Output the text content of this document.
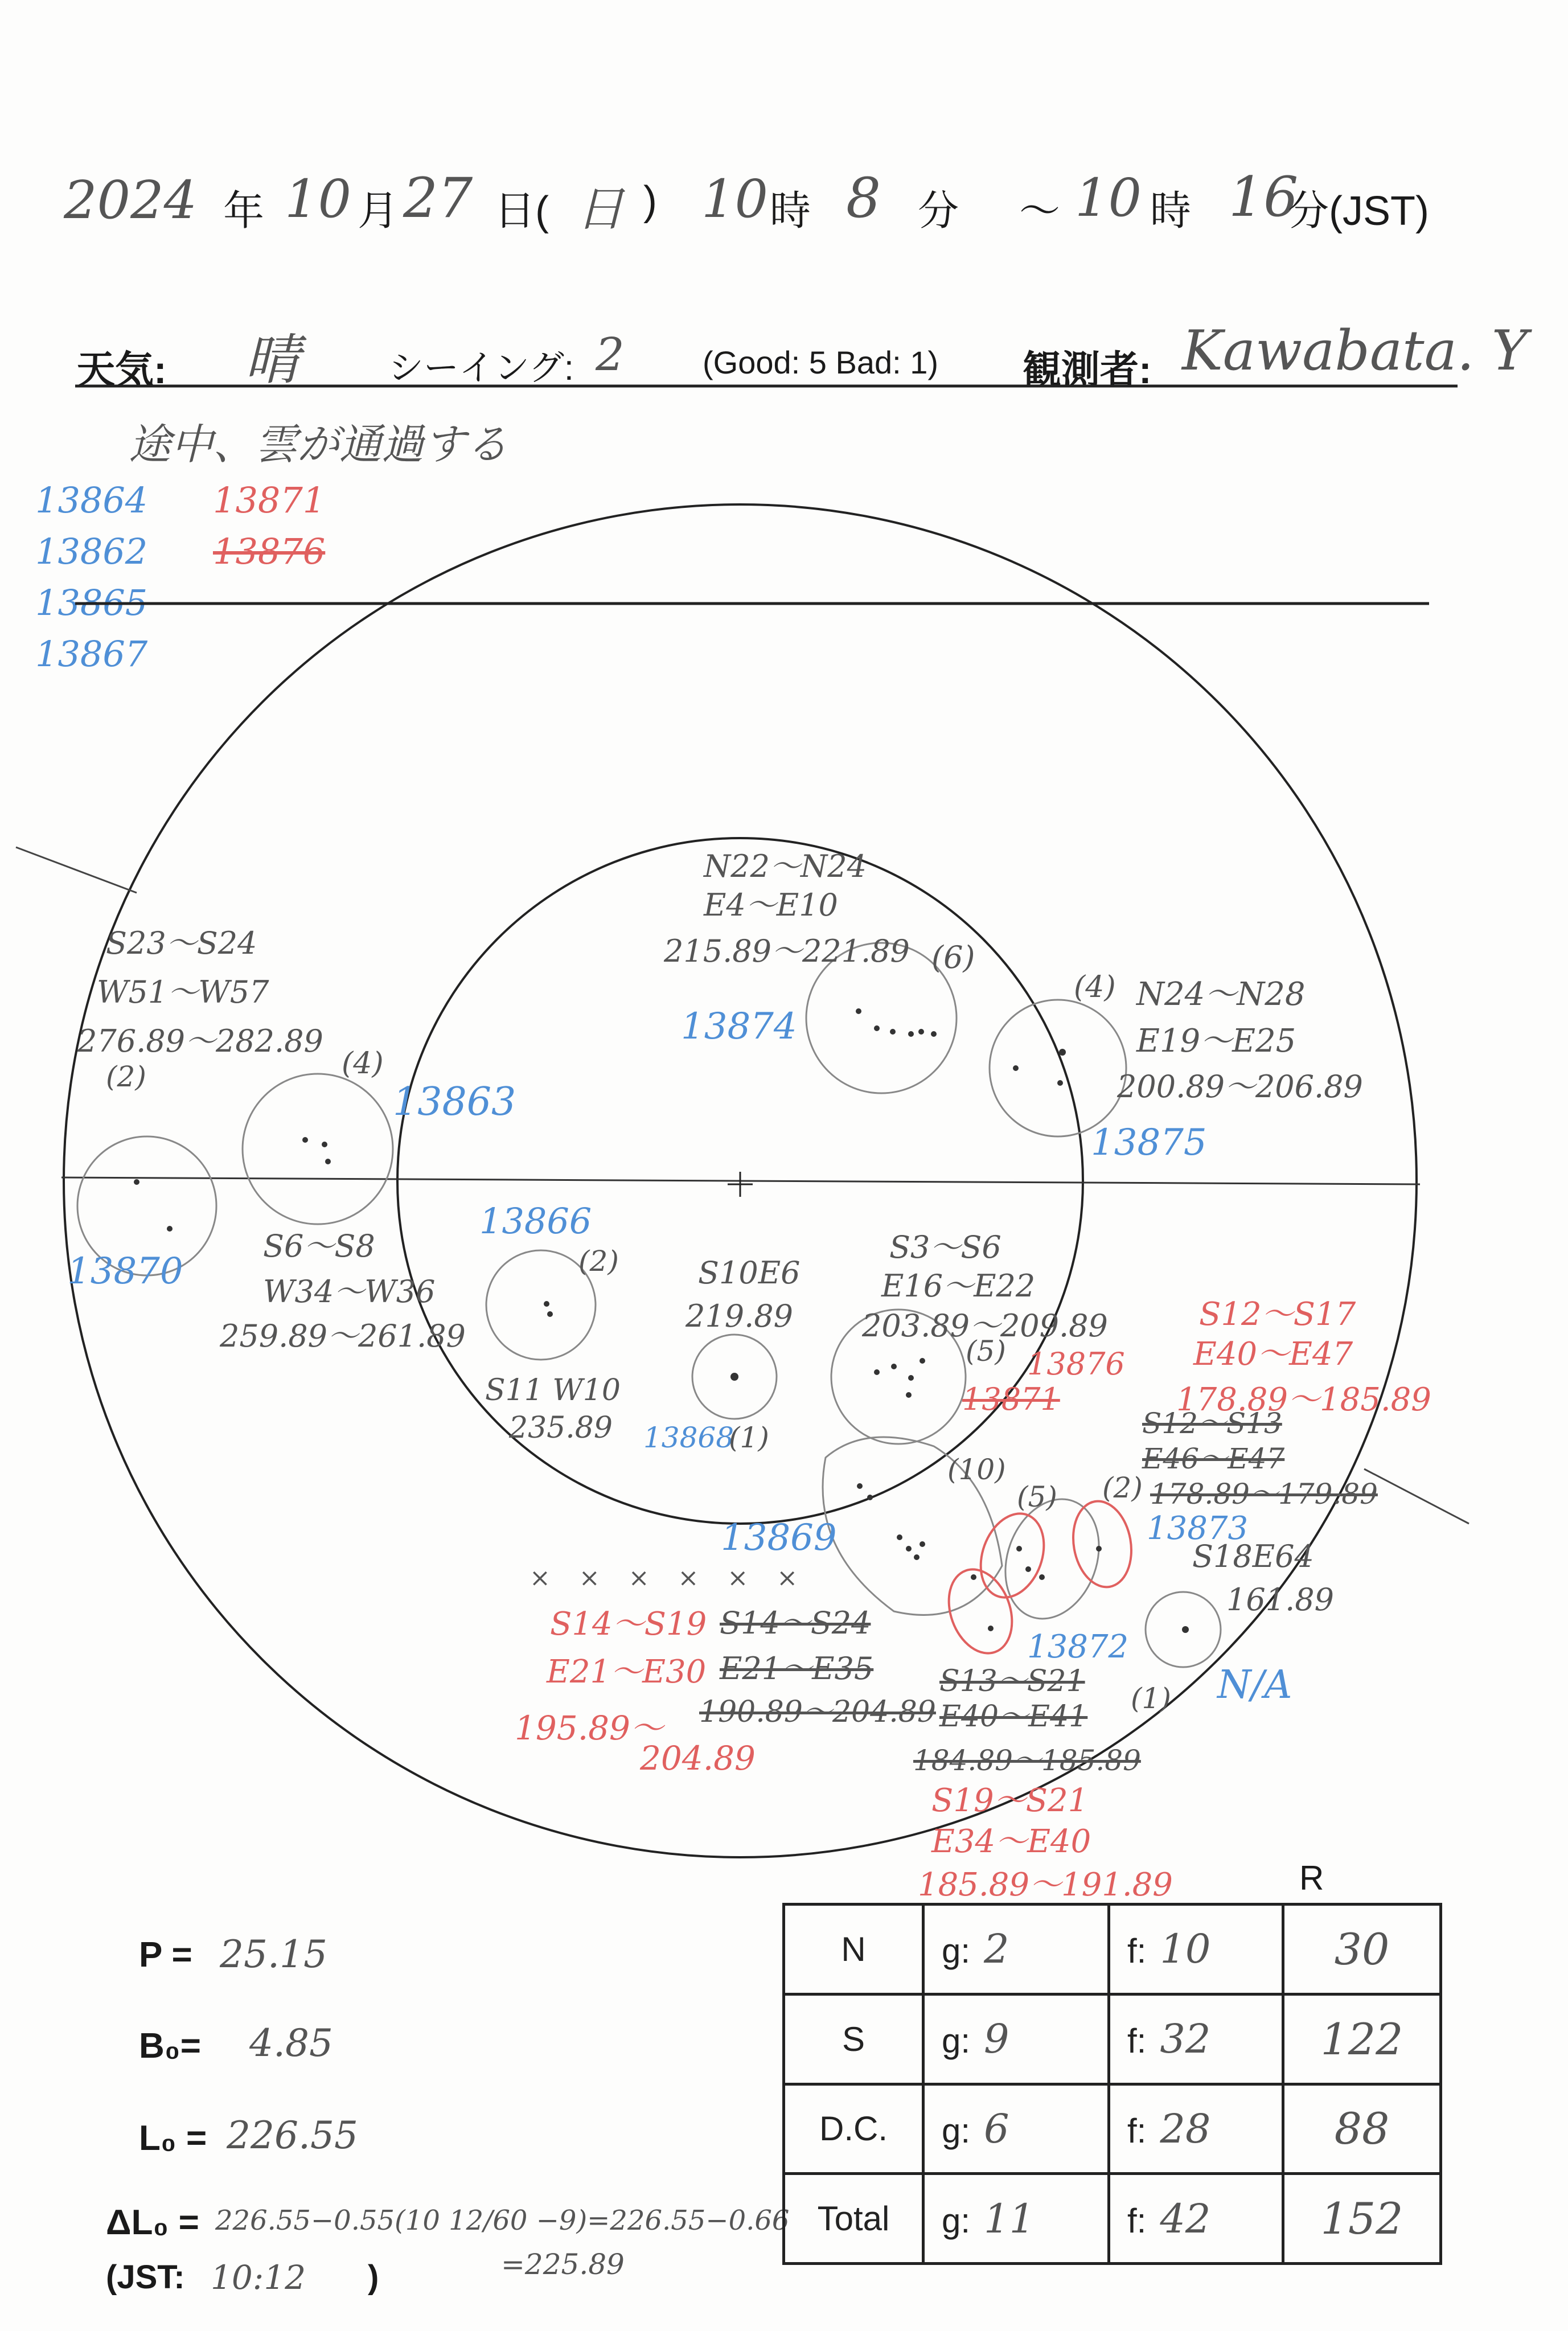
2024 年 10 月 27 日( 日 ) 10 時 8 分 ～ 10 時 16
分(JST)
天気: 晴	シーイング: 2 (Good: 5 Bad: 1) 観測者: Kawabata. Y
途中、雲が通過する
13864
13862
13865
13867
13871
13876
N22～N24
E4～E10
215.89～221.89 (6)
13874
(4) N24～N28
E19～E25
200.89～206.89
13875
S23～S24
W51～W57
276.89～282.89
(2)
13870
(4)
13863
S6～S8
W34～W36
259.89～261.89
13866
(2)
S11 W10
235.89
S10E6
219.89
13868
(1)
S3～S6
E16～E22
203.89～209.89
(5) 13876
13871
(10)
13869
(5)
13872
S18E64
161.89
(1) N/A
S12～S17
E40～E47
178.89～185.89
S12～S13
E46～E47
(2) 178.89～179.89
13873
× × × × × ×
S14～S19
E21～E30
195.89～
204.89
S14～S24
E21～E35
190.89～204.89
S13～S21
E40～E41
184.89～185.89
S19～S21
E34～E40
185.89～191.89
P = 25.15
B₀= 4.85
L₀ = 226.55
ΔL₀ = 226.55−0.55(10 12/60 −9)=226.55−0.66
=225.89
(JST: 10:12 )
R
N	g: 2	f: 10	30
S	g: 9	f: 32	122
D.C.	g: 6	f: 28	88
Total	g: 11	f: 42	152
